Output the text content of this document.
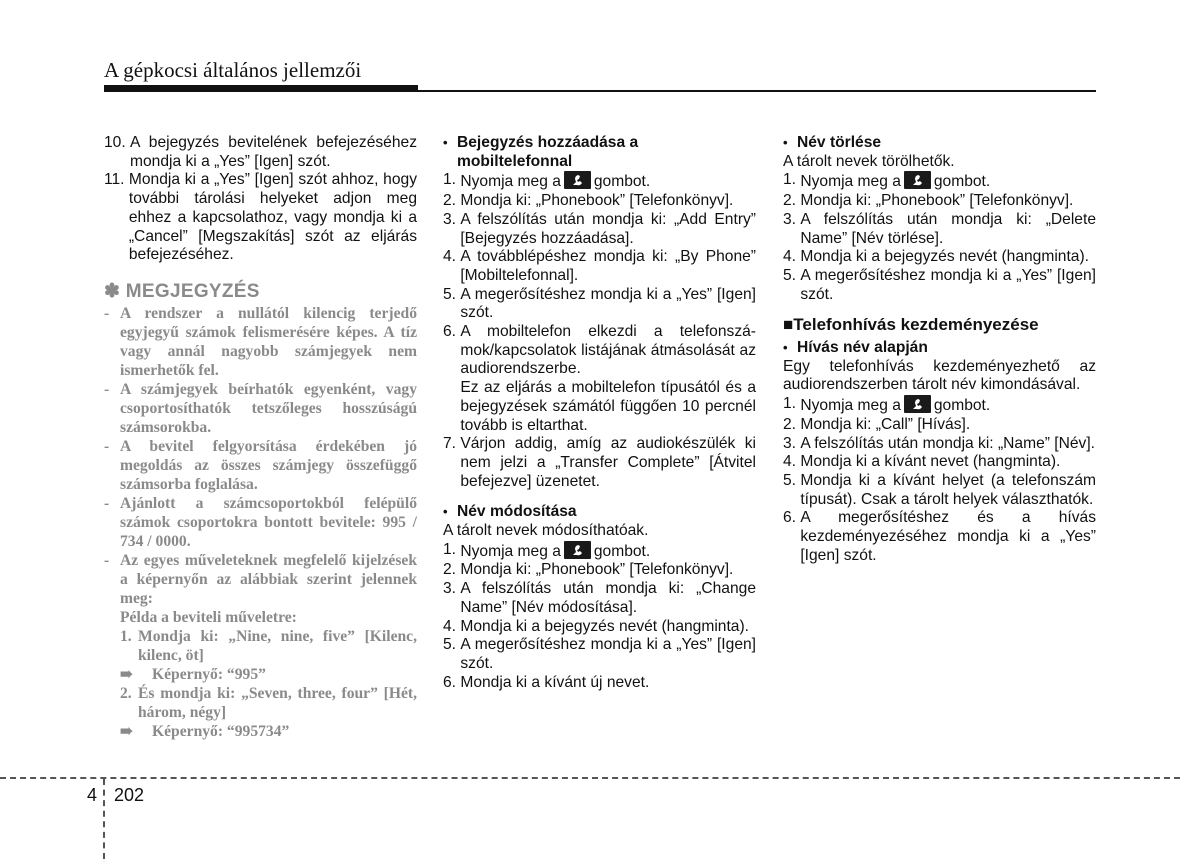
A gépkocsi általános jellemzői
10. A bejegyzés bevitelének befejezéséhez mondja ki a „Yes” [Igen] szót.
11. Mondja ki a „Yes” [Igen] szót ahhoz, hogy további tárolási helyeket adjon meg ehhez a kapcsolathoz, vagy mondja ki a „Cancel” [Megszakítás] szót az eljárás befejezéséhez.
✽ MEGJEGYZÉS
- A rendszer a nullától kilencig terjedő egyjegyű számok felismerésére képes. A tíz vagy annál nagyobb számjegyek nem ismerhetők fel.
- A számjegyek beírhatók egyenként, vagy csoportosíthatók tetszőleges hosszúságú számsorokba.
- A bevitel felgyorsítása érdekében jó megoldás az összes számjegy összefüggő számsorba foglalása.
- Ajánlott a számcsoportokból felépülő számok csoportokra bontott bevitele: 995 / 734 / 0000.
- Az egyes műveleteknek megfelelő kijelzések a képernyőn az alábbiak szerint jelennek meg:
Példa a beviteli műveletre:
1. Mondja ki: „Nine, nine, five” [Kilenc, kilenc, öt]
➠ Képernyő: “995”
2. És mondja ki: „Seven, three, four” [Hét, három, négy]
➠ Képernyő: “995734”
• Bejegyzés hozzáadása a mobiltelefonnal
1. Nyomja meg a gombot.
2. Mondja ki: „Phonebook” [Telefonkönyv].
3. A felszólítás után mondja ki: „Add Entry” [Bejegyzés hozzáadása].
4. A továbblépéshez mondja ki: „By Phone” [Mobiltelefonnal].
5. A megerősítéshez mondja ki a „Yes” [Igen] szót.
6. A mobiltelefon elkezdi a telefonszámok/kapcsolatok listájának átmásolását az audiorendszerbe.
Ez az eljárás a mobiltelefon típusától és a bejegyzések számától függően 10 percnél tovább is eltarthat.
7. Várjon addig, amíg az audiokészülék ki nem jelzi a „Transfer Complete” [Átvitel befejezve] üzenetet.
• Név módosítása
A tárolt nevek módosíthatóak.
1. Nyomja meg a gombot.
2. Mondja ki: „Phonebook” [Telefonkönyv].
3. A felszólítás után mondja ki: „Change Name” [Név módosítása].
4. Mondja ki a bejegyzés nevét (hangminta).
5. A megerősítéshez mondja ki a „Yes” [Igen] szót.
6. Mondja ki a kívánt új nevet.
• Név törlése
A tárolt nevek törölhetők.
1. Nyomja meg a gombot.
2. Mondja ki: „Phonebook” [Telefonkönyv].
3. A felszólítás után mondja ki: „Delete Name” [Név törlése].
4. Mondja ki a bejegyzés nevét (hangminta).
5. A megerősítéshez mondja ki a „Yes” [Igen] szót.
■Telefonhívás kezdeményezése
• Hívás név alapján
Egy telefonhívás kezdeményezhető az audiorendszerben tárolt név kimondásával.
1. Nyomja meg a gombot.
2. Mondja ki: „Call” [Hívás].
3. A felszólítás után mondja ki: „Name” [Név].
4. Mondja ki a kívánt nevet (hangminta).
5. Mondja ki a kívánt helyet (a telefonszám típusát). Csak a tárolt helyek választhatók.
6. A megerősítéshez és a hívás kezdeményezéséhez mondja ki a „Yes” [Igen] szót.
4 202
